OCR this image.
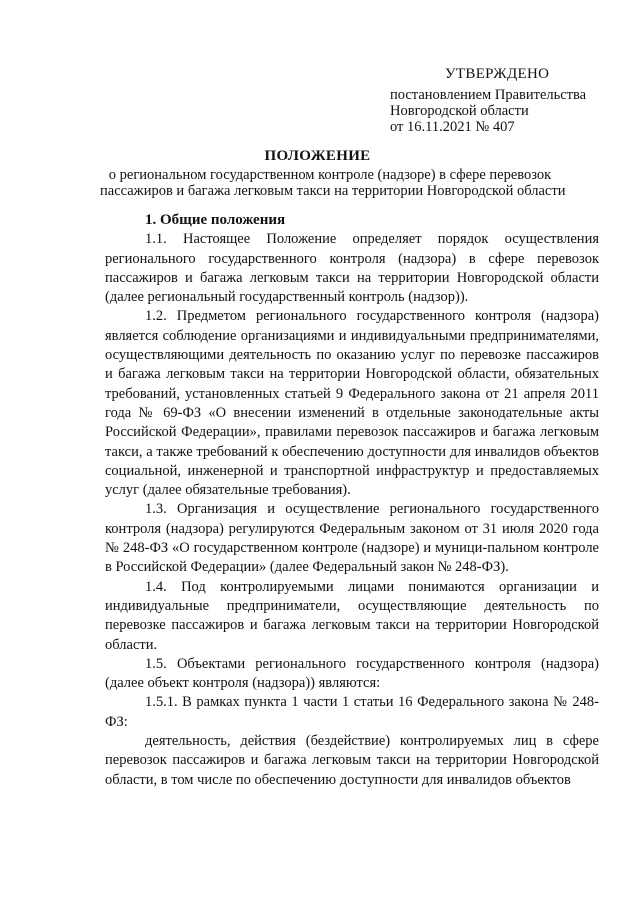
УТВЕРЖДЕНО
постановлением Правительства
Новгородской области
от 16.11.2021 № 407
ПОЛОЖЕНИЕ
о региональном государственном контроле (надзоре) в сфере перевозок
пассажиров и багажа легковым такси на территории Новгородской области

1. Общие положения

1.1. Настоящее Положение определяет порядок осуществления регионального государственного контроля (надзора) в сфере перевозок пассажиров и багажа легковым такси на территории Новгородской области (далее региональный государственный контроль (надзор)).

1.2. Предметом регионального государственного контроля (надзора) является соблюдение организациями и индивидуальными предпринимателями, осуществляющими деятельность по оказанию услуг по перевозке пассажиров и багажа легковым такси на территории Новгородской области, обязательных требований, установленных статьей 9 Федерального закона от 21 апреля 2011 года № 69-ФЗ «О внесении изменений в отдельные законодательные акты Российской Федерации», правилами перевозок пассажиров и багажа легковым такси, а также требований к обеспечению доступности для инвалидов объектов социальной, инженерной и транспортной инфраструктур и предоставляемых услуг (далее обязательные требования).

1.3. Организация и осуществление регионального государственного контроля (надзора) регулируются Федеральным законом от 31 июля 2020 года № 248-ФЗ «О государственном контроле (надзоре) и муници-пальном контроле в Российской Федерации» (далее Федеральный закон № 248-ФЗ).

1.4. Под контролируемыми лицами понимаются организации и индивидуальные предприниматели, осуществляющие деятельность по перевозке пассажиров и багажа легковым такси на территории Новгородской области.

1.5. Объектами регионального государственного контроля (надзора) (далее объект контроля (надзора)) являются:

1.5.1. В рамках пункта 1 части 1 статьи 16 Федерального закона № 248-ФЗ:

деятельность, действия (бездействие) контролируемых лиц в сфере перевозок пассажиров и багажа легковым такси на территории Новгородской области, в том числе по обеспечению доступности для инвалидов объектов
